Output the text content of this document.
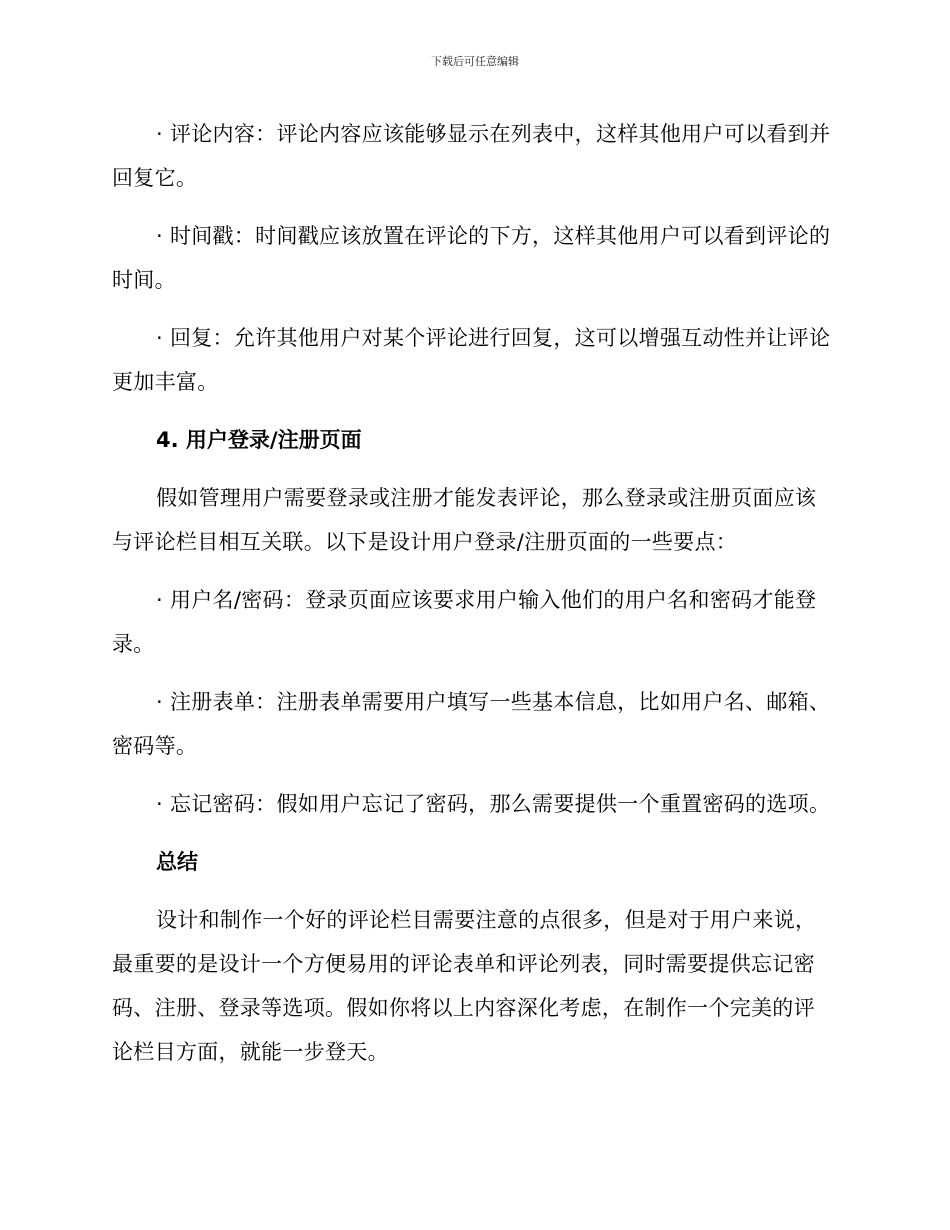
下载后可任意编辑

· 评论内容：评论内容应该能够显示在列表中，这样其他用户可以看到并回复它。

· 时间戳：时间戳应该放置在评论的下方，这样其他用户可以看到评论的时间。

· 回复：允许其他用户对某个评论进行回复，这可以增强互动性并让评论更加丰富。

4. 用户登录/注册页面

假如管理用户需要登录或注册才能发表评论，那么登录或注册页面应该与评论栏目相互关联。以下是设计用户登录/注册页面的一些要点：

· 用户名/密码：登录页面应该要求用户输入他们的用户名和密码才能登录。

· 注册表单：注册表单需要用户填写一些基本信息，比如用户名、邮箱、密码等。

· 忘记密码：假如用户忘记了密码，那么需要提供一个重置密码的选项。

总结

设计和制作一个好的评论栏目需要注意的点很多，但是对于用户来说，最重要的是设计一个方便易用的评论表单和评论列表，同时需要提供忘记密码、注册、登录等选项。假如你将以上内容深化考虑，在制作一个完美的评论栏目方面，就能一步登天。
